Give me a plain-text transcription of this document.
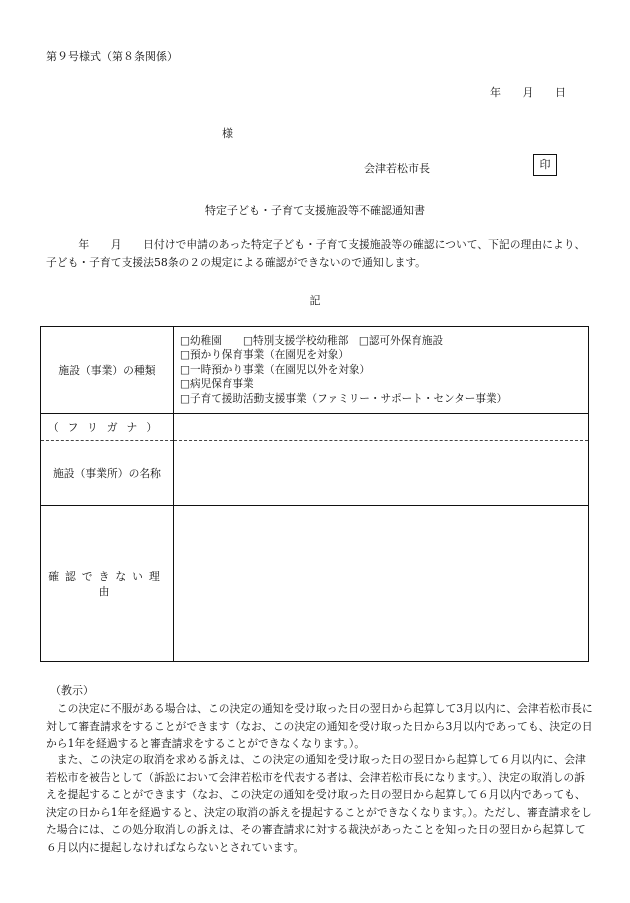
第９号様式（第８条関係）
年 月 日
様
会津若松市長	印
特定子ども・子育て支援施設等不確認通知書
年　　月　　日付けで申請のあった特定子ども・子育て支援施設等の確認について、下記の理由により、子ども・子育て支援法58条の２の規定による確認ができないので通知します。
記
施設（事業）の種類	□幼稚園　　□特別支援学校幼稚部　□認可外保育施設
□預かり保育事業（在園児を対象）
□一時預かり事業（在園児以外を対象）
□病児保育事業
□子育て援助活動支援事業（ファミリー・サポート・センター事業）

（フリガナ）	
施設（事業所）の名称	
確認できない理由	
（教示）
この決定に不服がある場合は、この決定の通知を受け取った日の翌日から起算して3月以内に、会津若松市長に対して審査請求をすることができます（なお、この決定の通知を受け取った日から3月以内であっても、決定の日から1年を経過すると審査請求をすることができなくなります。）。
また、この決定の取消を求める訴えは、この決定の通知を受け取った日の翌日から起算して６月以内に、会津若松市を被告として（訴訟において会津若松市を代表する者は、会津若松市長になります。）、決定の取消しの訴えを提起することができます（なお、この決定の通知を受け取った日の翌日から起算して６月以内であっても、決定の日から1年を経過すると、決定の取消の訴えを提起することができなくなります。）。ただし、審査請求をした場合には、この処分取消しの訴えは、その審査請求に対する裁決があったことを知った日の翌日から起算して６月以内に提起しなければならないとされています。
